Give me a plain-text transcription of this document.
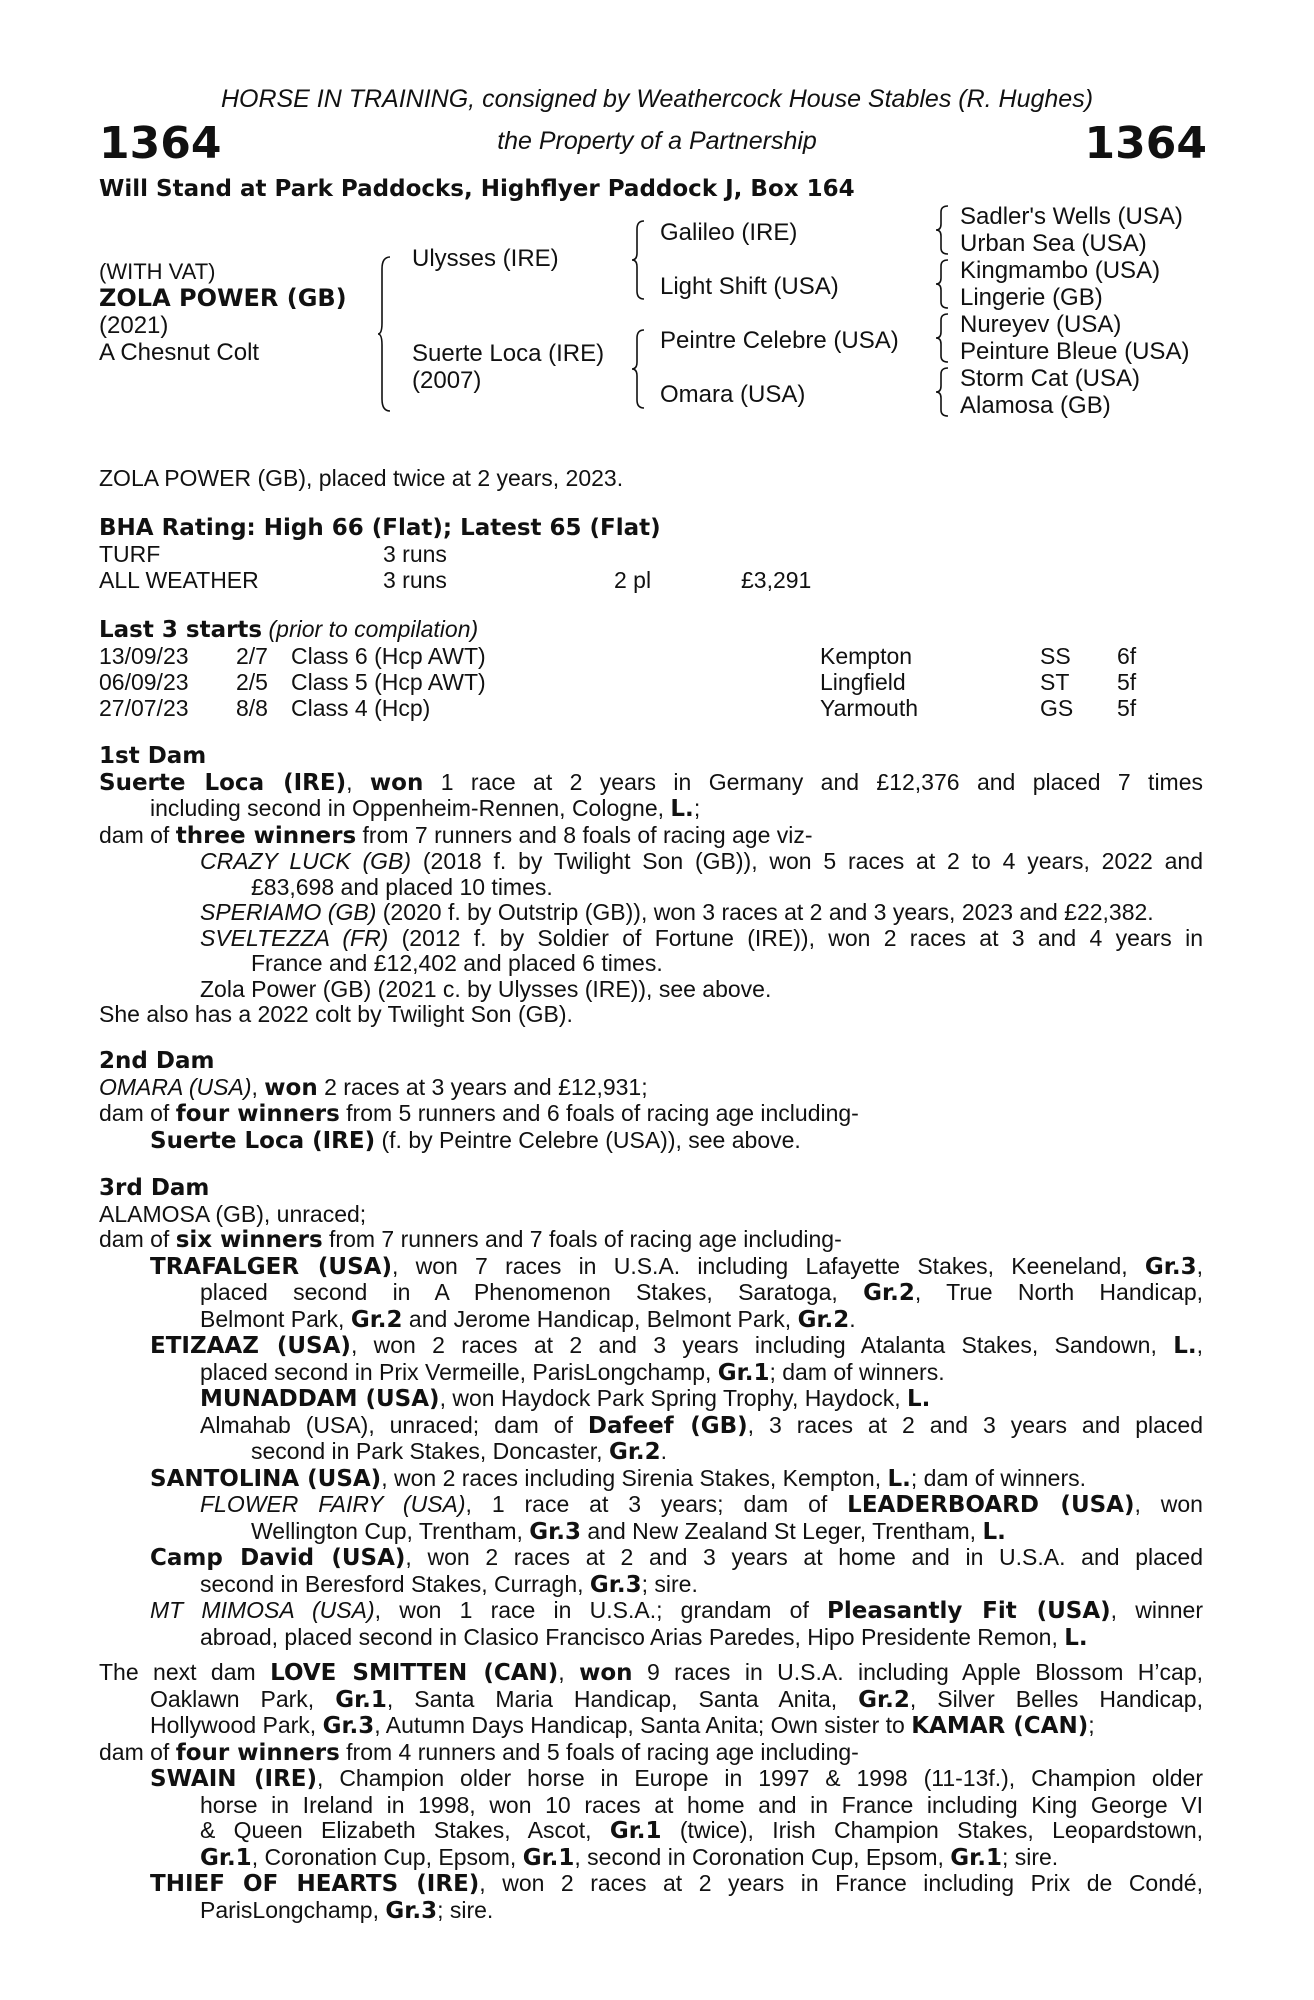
HORSE IN TRAINING, consigned by Weathercock House Stables (R. Hughes)
1364	the Property of a Partnership	1364
Will Stand at Park Paddocks, Highflyer Paddock J, Box 164
(WITH VAT)
ZOLA POWER (GB)
(2021)
A Chesnut Colt
Ulysses (IRE)
Suerte Loca (IRE)
(2007)
Galileo (IRE)
Light Shift (USA)
Peintre Celebre (USA)
Omara (USA)
Sadler's Wells (USA)
Urban Sea (USA)
Kingmambo (USA)
Lingerie (GB)
Nureyev (USA)
Peinture Bleue (USA)
Storm Cat (USA)
Alamosa (GB)
ZOLA POWER (GB), placed twice at 2 years, 2023.
BHA Rating: High 66 (Flat); Latest 65 (Flat)
TURF	3 runs
ALL WEATHER	3 runs	2 pl	£3,291
Last 3 starts (prior to compilation)
13/09/23 2/7 Class 6 (Hcp AWT)	Kempton	SS 6f
06/09/23 2/5 Class 5 (Hcp AWT)	Lingfield	ST 5f
27/07/23 8/8 Class 4 (Hcp)	Yarmouth	GS 5f
1st Dam
Suerte Loca (IRE), won 1 race at 2 years in Germany and £12,376 and placed 7 times
including second in Oppenheim-Rennen, Cologne, L.;
dam of three winners from 7 runners and 8 foals of racing age viz-
CRAZY LUCK (GB) (2018 f. by Twilight Son (GB)), won 5 races at 2 to 4 years, 2022 and
£83,698 and placed 10 times.
SPERIAMO (GB) (2020 f. by Outstrip (GB)), won 3 races at 2 and 3 years, 2023 and £22,382.
SVELTEZZA (FR) (2012 f. by Soldier of Fortune (IRE)), won 2 races at 3 and 4 years in
France and £12,402 and placed 6 times.
Zola Power (GB) (2021 c. by Ulysses (IRE)), see above.
She also has a 2022 colt by Twilight Son (GB).
2nd Dam
OMARA (USA), won 2 races at 3 years and £12,931;
dam of four winners from 5 runners and 6 foals of racing age including-
Suerte Loca (IRE) (f. by Peintre Celebre (USA)), see above.
3rd Dam
ALAMOSA (GB), unraced;
dam of six winners from 7 runners and 7 foals of racing age including-
TRAFALGER (USA), won 7 races in U.S.A. including Lafayette Stakes, Keeneland, Gr.3,
placed second in A Phenomenon Stakes, Saratoga, Gr.2, True North Handicap,
Belmont Park, Gr.2 and Jerome Handicap, Belmont Park, Gr.2.
ETIZAAZ (USA), won 2 races at 2 and 3 years including Atalanta Stakes, Sandown, L.,
placed second in Prix Vermeille, ParisLongchamp, Gr.1; dam of winners.
MUNADDAM (USA), won Haydock Park Spring Trophy, Haydock, L.
Almahab (USA), unraced; dam of Dafeef (GB), 3 races at 2 and 3 years and placed
second in Park Stakes, Doncaster, Gr.2.
SANTOLINA (USA), won 2 races including Sirenia Stakes, Kempton, L.; dam of winners.
FLOWER FAIRY (USA), 1 race at 3 years; dam of LEADERBOARD (USA), won
Wellington Cup, Trentham, Gr.3 and New Zealand St Leger, Trentham, L.
Camp David (USA), won 2 races at 2 and 3 years at home and in U.S.A. and placed
second in Beresford Stakes, Curragh, Gr.3; sire.
MT MIMOSA (USA), won 1 race in U.S.A.; grandam of Pleasantly Fit (USA), winner
abroad, placed second in Clasico Francisco Arias Paredes, Hipo Presidente Remon, L.
The next dam LOVE SMITTEN (CAN), won 9 races in U.S.A. including Apple Blossom H’cap,
Oaklawn Park, Gr.1, Santa Maria Handicap, Santa Anita, Gr.2, Silver Belles Handicap,
Hollywood Park, Gr.3, Autumn Days Handicap, Santa Anita; Own sister to KAMAR (CAN);
dam of four winners from 4 runners and 5 foals of racing age including-
SWAIN (IRE), Champion older horse in Europe in 1997 & 1998 (11-13f.), Champion older
horse in Ireland in 1998, won 10 races at home and in France including King George VI
& Queen Elizabeth Stakes, Ascot, Gr.1 (twice), Irish Champion Stakes, Leopardstown,
Gr.1, Coronation Cup, Epsom, Gr.1, second in Coronation Cup, Epsom, Gr.1; sire.
THIEF OF HEARTS (IRE), won 2 races at 2 years in France including Prix de Condé,
ParisLongchamp, Gr.3; sire.
